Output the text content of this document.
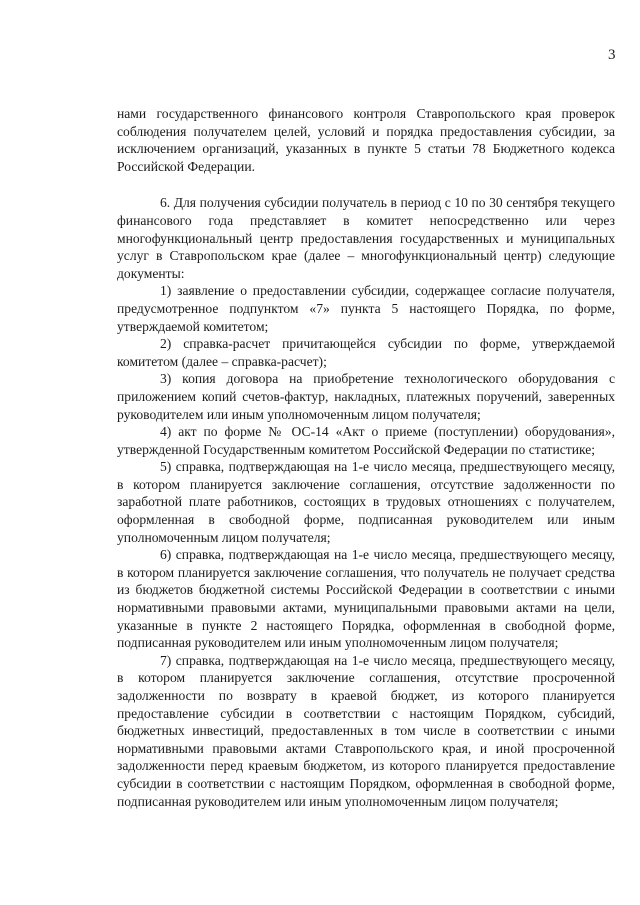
3

нами государственного финансового контроля Ставропольского края проверок соблюдения получателем целей, условий и порядка предоставления субсидии, за исключением организаций, указанных в пункте 5 статьи 78 Бюджетного кодекса Российской Федерации.

6. Для получения субсидии получатель в период с 10 по 30 сентября текущего финансового года представляет в комитет непосредственно или через многофункциональный центр предоставления государственных и муниципальных услуг в Ставропольском крае (далее – многофункциональный центр) следующие документы:

1) заявление о предоставлении субсидии, содержащее согласие получателя, предусмотренное подпунктом «7» пункта 5 настоящего Порядка, по форме, утверждаемой комитетом;

2) справка-расчет причитающейся субсидии по форме, утверждаемой комитетом (далее – справка-расчет);

3) копия договора на приобретение технологического оборудования с приложением копий счетов-фактур, накладных, платежных поручений, заверенных руководителем или иным уполномоченным лицом получателя;

4) акт по форме № ОС-14 «Акт о приеме (поступлении) оборудования», утвержденной Государственным комитетом Российской Федерации по статистике;

5) справка, подтверждающая на 1-е число месяца, предшествующего месяцу, в котором планируется заключение соглашения, отсутствие задолженности по заработной плате работников, состоящих в трудовых отношениях с получателем, оформленная в свободной форме, подписанная руководителем или иным уполномоченным лицом получателя;

6) справка, подтверждающая на 1-е число месяца, предшествующего месяцу, в котором планируется заключение соглашения, что получатель не получает средства из бюджетов бюджетной системы Российской Федерации в соответствии с иными нормативными правовыми актами, муниципальными правовыми актами на цели, указанные в пункте 2 настоящего Порядка, оформленная в свободной форме, подписанная руководителем или иным уполномоченным лицом получателя;

7) справка, подтверждающая на 1-е число месяца, предшествующего месяцу, в котором планируется заключение соглашения, отсутствие просроченной задолженности по возврату в краевой бюджет, из которого планируется предоставление субсидии в соответствии с настоящим Порядком, субсидий, бюджетных инвестиций, предоставленных в том числе в соответствии с иными нормативными правовыми актами Ставропольского края, и иной просроченной задолженности перед краевым бюджетом, из которого планируется предоставление субсидии в соответствии с настоящим Порядком, оформленная в свободной форме, подписанная руководителем или иным уполномоченным лицом получателя;
